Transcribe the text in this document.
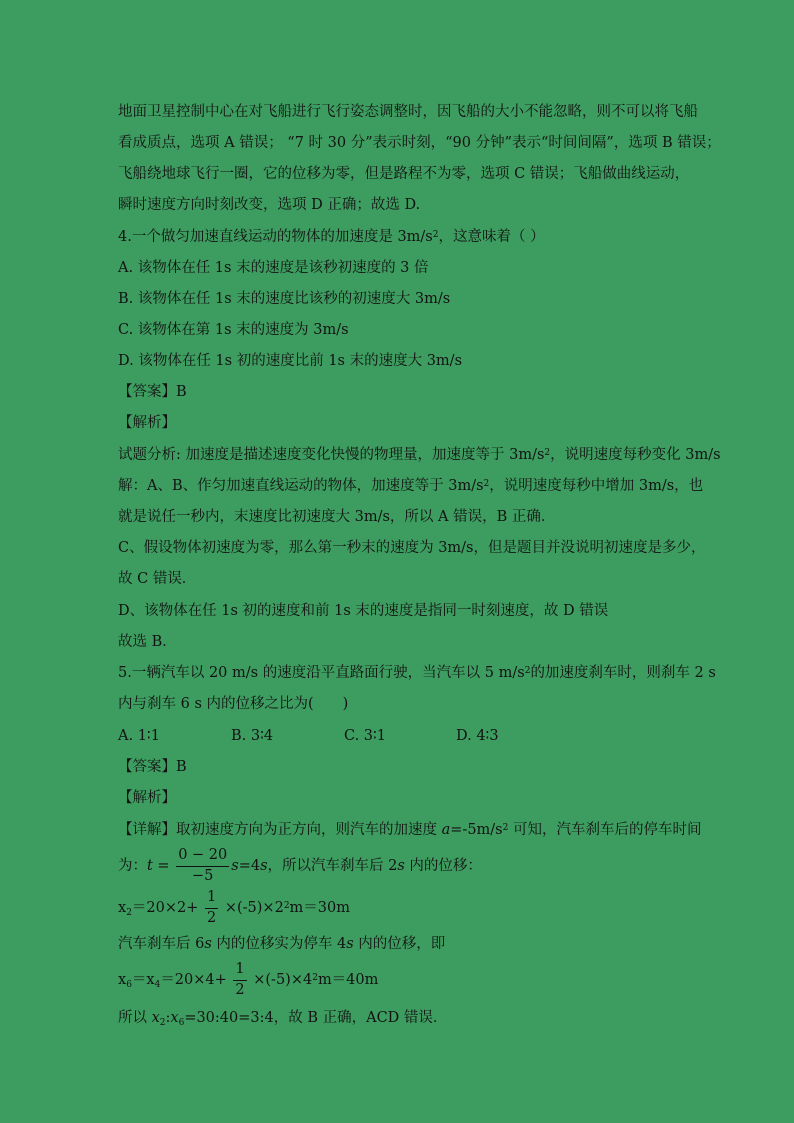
地面卫星控制中心在对飞船进行飞行姿态调整时，因飞船的大小不能忽略，则不可以将飞船
看成质点，选项 A 错误； “7 时 30 分”表示时刻，“90 分钟”表示“时间间隔”，选项 B 错误；
飞船绕地球飞行一圈，它的位移为零，但是路程不为零，选项 C 错误；飞船做曲线运动，
瞬时速度方向时刻改变，选项 D 正确；故选 D.
4.一个做匀加速直线运动的物体的加速度是 $3m/s^2$，这意味着（ ）
A. 该物体在任 1s 末的速度是该秒初速度的 3 倍
B. 该物体在任 1s 末的速度比该秒的初速度大 3m/s
C. 该物体在第 1s 末的速度为 3m/s
D. 该物体在任 1s 初的速度比前 1s 末的速度大 3m/s
【答案】B
【解析】
试题分析: 加速度是描述速度变化快慢的物理量，加速度等于 $3m/s^2$，说明速度每秒变化 3m/s
解：A、B、作匀加速直线运动的物体，加速度等于 $3m/s^2$，说明速度每秒中增加 3m/s，也
就是说任一秒内，末速度比初速度大 3m/s，所以 A 错误，B 正确．
C、假设物体初速度为零，那么第一秒末的速度为 3m/s，但是题目并没说明初速度是多少，
故 C 错误．
D、该物体在任 1s 初的速度和前 1s 末的速度是指同一时刻速度，故 D 错误
故选 B．
5.一辆汽车以 20 m/s 的速度沿平直路面行驶，当汽车以 5 $m/s^2$的加速度刹车时，则刹车 2 s
内与刹车 6 s 内的位移之比为(　　)
A. 1∶1	B. 3∶4	C. 3∶1	D. 4∶3
【答案】B
【解析】
【详解】取初速度方向为正方向，则汽车的加速度 $a=-5m/s^2$ 可知，汽车刹车后的停车时间
为：$t = \frac{0 - 20}{-5} s=4s$，所以汽车刹车后 2s 内的位移：
$x2=20\times 2+ \frac{1}{2} \times(-5)\times 2^2m=30m$
汽车刹车后 6s 内的位移实为停车 4s 内的位移，即
$x6=x4=20\times 4+ \frac{1}{2} \times(-5)\times 4^2m=40m$
所以 x2:x6=30:40=3:4，故 B 正确，ACD 错误．
